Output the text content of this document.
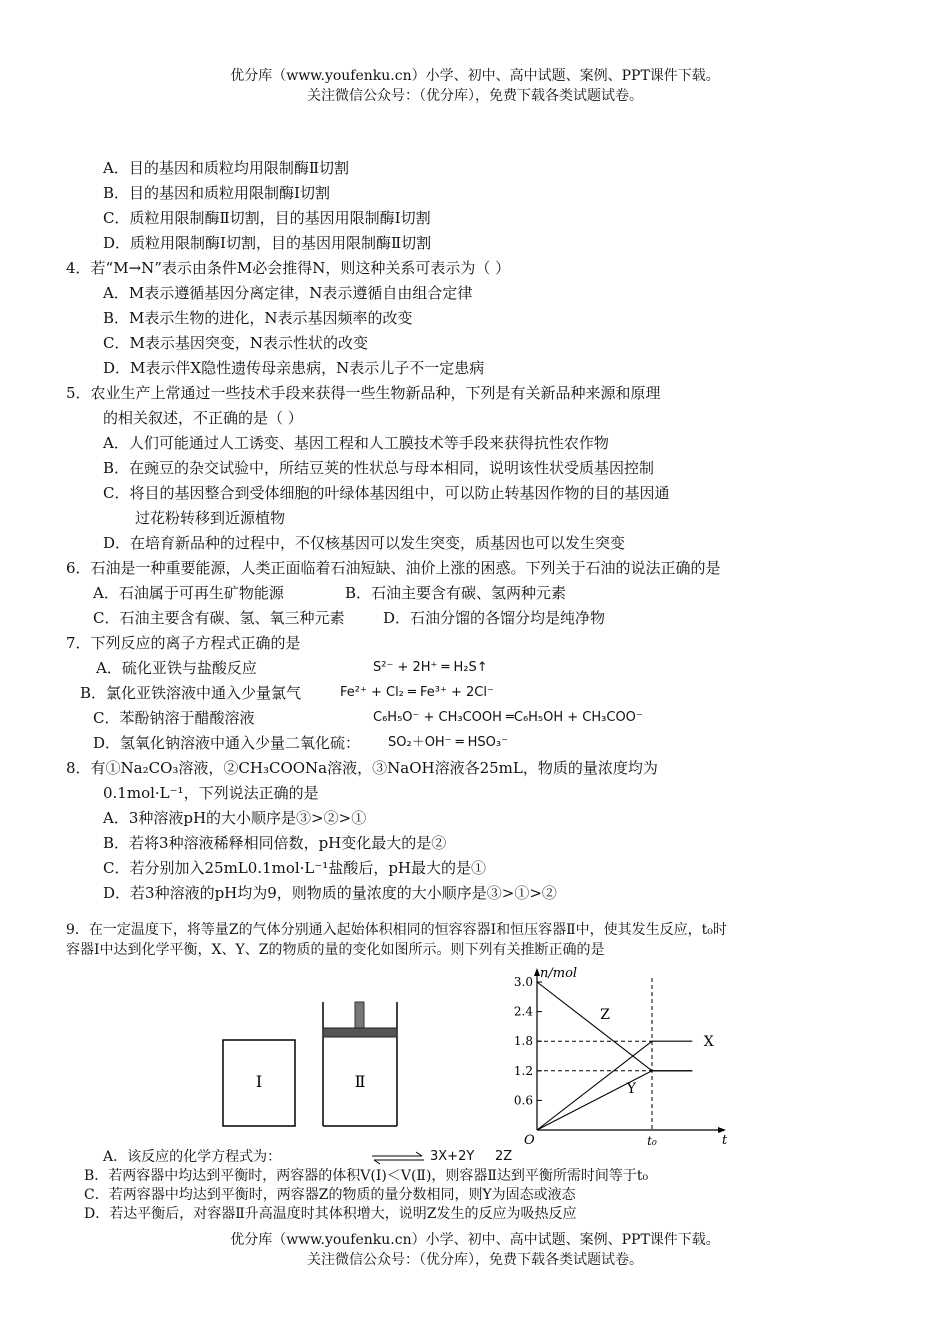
优分库（www.youfenku.cn）小学、初中、高中试题、案例、PPT课件下载。
关注微信公众号：（优分库），免费下载各类试题试卷。
A．目的基因和质粒均用限制酶Ⅱ切割
B．目的基因和质粒用限制酶Ⅰ切割
C．质粒用限制酶Ⅱ切割，目的基因用限制酶Ⅰ切割
D．质粒用限制酶Ⅰ切割，目的基因用限制酶Ⅱ切割
4．若“M→N”表示由条件M必会推得N，则这种关系可表示为（ ）
A．M表示遵循基因分离定律，N表示遵循自由组合定律
B．M表示生物的进化，N表示基因频率的改变
C．M表示基因突变，N表示性状的改变
D．M表示伴X隐性遗传母亲患病，N表示儿子不一定患病
5．农业生产上常通过一些技术手段来获得一些生物新品种，下列是有关新品种来源和原理
的相关叙述，不正确的是（ ）
A．人们可能通过人工诱变、基因工程和人工膜技术等手段来获得抗性农作物
B．在豌豆的杂交试验中，所结豆荚的性状总与母本相同，说明该性状受质基因控制
C．将目的基因整合到受体细胞的叶绿体基因组中，可以防止转基因作物的目的基因通
过花粉转移到近源植物
D．在培育新品种的过程中，不仅核基因可以发生突变，质基因也可以发生突变
6．石油是一种重要能源，人类正面临着石油短缺、油价上涨的困惑。下列关于石油的说法正确的是
A．石油属于可再生矿物能源	B．石油主要含有碳、氢两种元素
C．石油主要含有碳、氢、氧三种元素	D．石油分馏的各馏分均是纯净物
7．下列反应的离子方程式正确的是
A．硫化亚铁与盐酸反应	S²⁻ + 2H⁺ ═ H₂S↑
B．氯化亚铁溶液中通入少量氯气	Fe²⁺ + Cl₂ ═ Fe³⁺ + 2Cl⁻
C．苯酚钠溶于醋酸溶液	C₆H₅O⁻ + CH₃COOH ═C₆H₅OH + CH₃COO⁻
D．氢氧化钠溶液中通入少量二氧化硫： SO₂＋OH⁻ ═ HSO₃⁻
8．有①Na₂CO₃溶液，②CH₃COONa溶液，③NaOH溶液各25mL，物质的量浓度均为
0.1mol·L⁻¹，下列说法正确的是
A．3种溶液pH的大小顺序是③>②>①
B．若将3种溶液稀释相同倍数，pH变化最大的是②
C．若分别加入25mL0.1mol·L⁻¹盐酸后，pH最大的是①
D．若3种溶液的pH均为9，则物质的量浓度的大小顺序是③>①>②
9．在一定温度下，将等量Z的气体分别通入起始体积相同的恒容容器Ⅰ和恒压容器Ⅱ中，使其发生反应，t₀时
容器Ⅰ中达到化学平衡，X、Y、Z的物质的量的变化如图所示。则下列有关推断正确的是
Ⅰ	Ⅱ
n/mol
t
O
3.0
2.4
1.8
1.2
0.6
t₀
Z
X
Y
A．该反应的化学方程式为：	⇌ 3X+2Y 2Z
B．若两容器中均达到平衡时，两容器的体积V(Ⅰ)＜V(Ⅱ)，则容器Ⅱ达到平衡所需时间等于t₀
C．若两容器中均达到平衡时，两容器Z的物质的量分数相同，则Y为固态或液态
D．若达平衡后，对容器Ⅱ升高温度时其体积增大，说明Z发生的反应为吸热反应
优分库（www.youfenku.cn）小学、初中、高中试题、案例、PPT课件下载。
关注微信公众号：（优分库），免费下载各类试题试卷。
